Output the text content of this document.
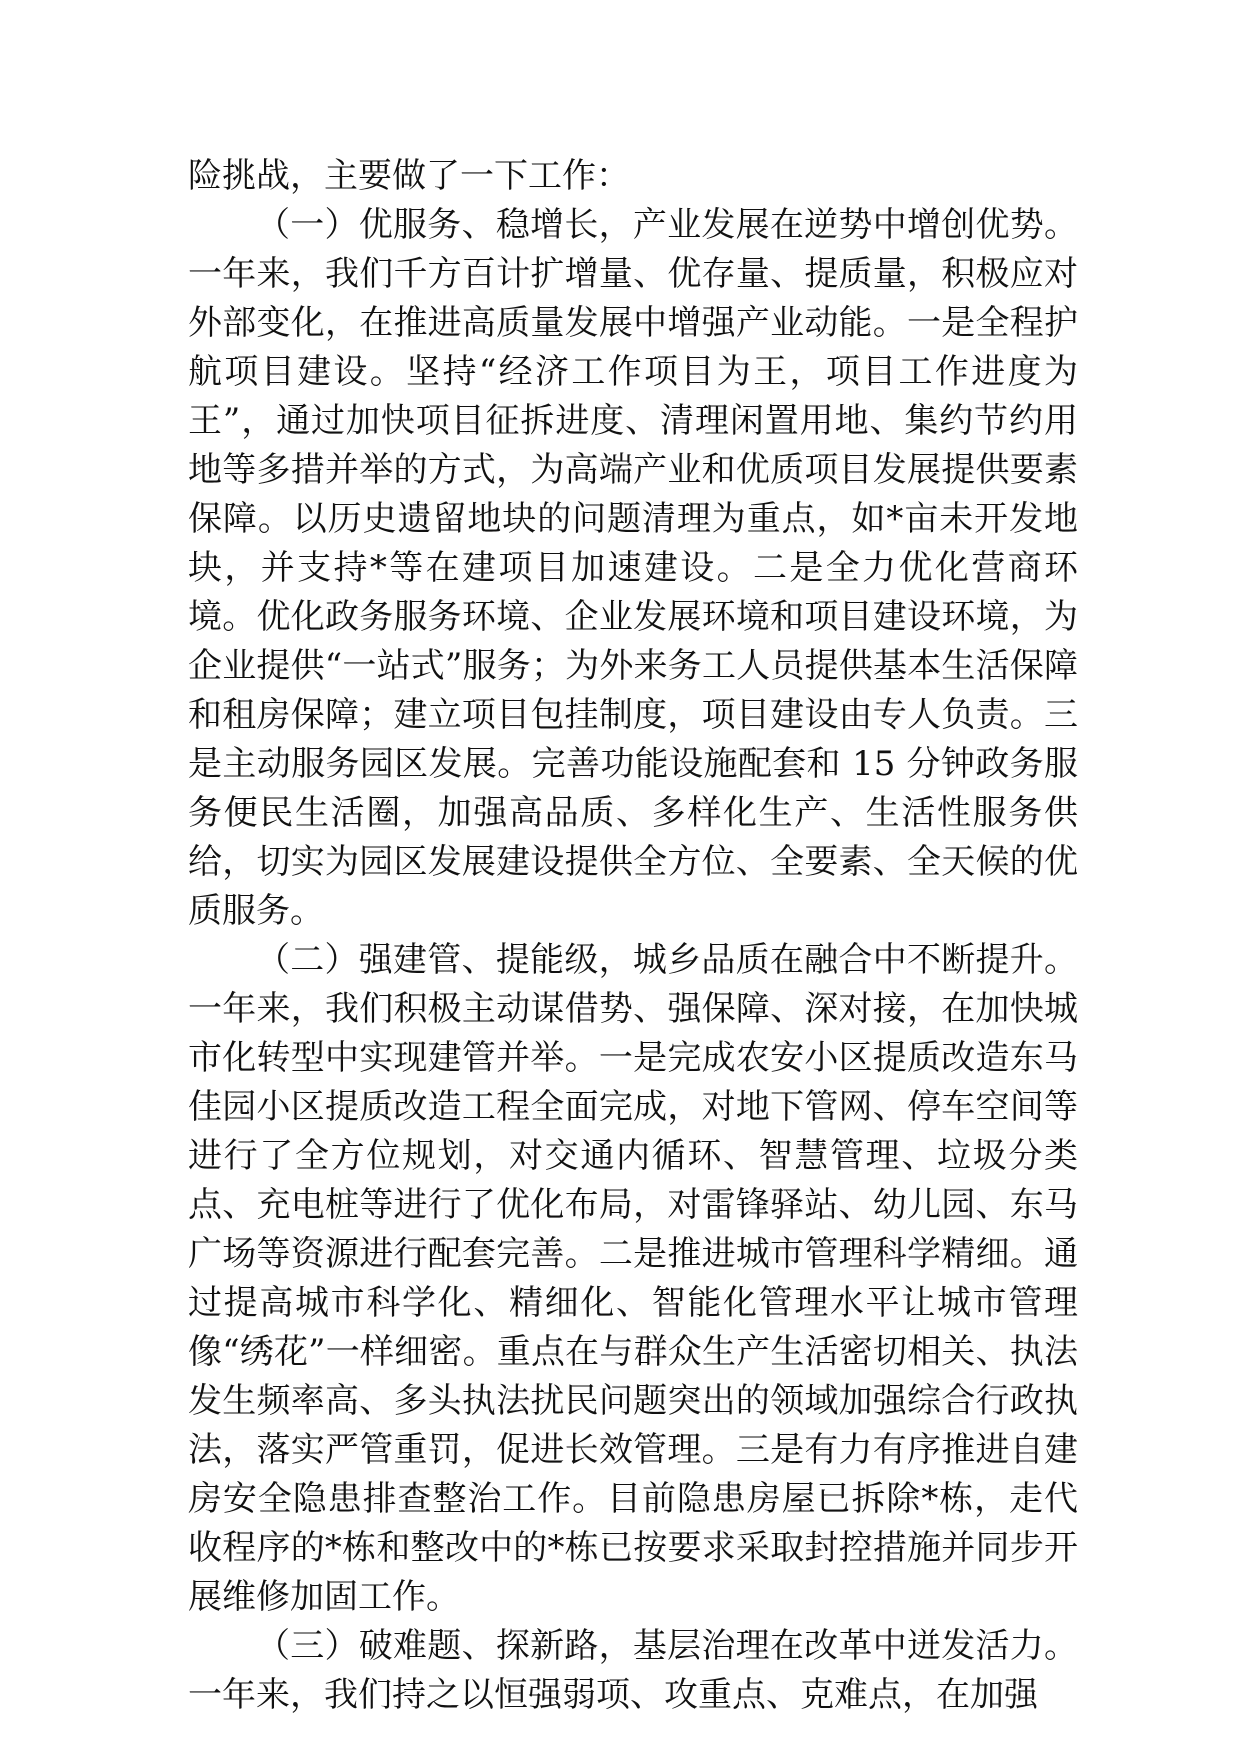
险挑战，主要做了一下工作：

（一）优服务、稳增长，产业发展在逆势中增创优势。一年来，我们千方百计扩增量、优存量、提质量，积极应对外部变化，在推进高质量发展中增强产业动能。一是全程护航项目建设。坚持“经济工作项目为王，项目工作进度为王”，通过加快项目征拆进度、清理闲置用地、集约节约用地等多措并举的方式，为高端产业和优质项目发展提供要素保障。以历史遗留地块的问题清理为重点，如*亩未开发地块，并支持*等在建项目加速建设。二是全力优化营商环境。优化政务服务环境、企业发展环境和项目建设环境，为企业提供“一站式”服务；为外来务工人员提供基本生活保障和租房保障；建立项目包挂制度，项目建设由专人负责。三是主动服务园区发展。完善功能设施配套和 15 分钟政务服务便民生活圈，加强高品质、多样化生产、生活性服务供给，切实为园区发展建设提供全方位、全要素、全天候的优质服务。

（二）强建管、提能级，城乡品质在融合中不断提升。一年来，我们积极主动谋借势、强保障、深对接，在加快城市化转型中实现建管并举。一是完成农安小区提质改造东马佳园小区提质改造工程全面完成，对地下管网、停车空间等进行了全方位规划，对交通内循环、智慧管理、垃圾分类点、充电桩等进行了优化布局，对雷锋驿站、幼儿园、东马广场等资源进行配套完善。二是推进城市管理科学精细。通过提高城市科学化、精细化、智能化管理水平让城市管理像“绣花”一样细密。重点在与群众生产生活密切相关、执法发生频率高、多头执法扰民问题突出的领域加强综合行政执法，落实严管重罚，促进长效管理。三是有力有序推进自建房安全隐患排查整治工作。目前隐患房屋已拆除*栋，走代收程序的*栋和整改中的*栋已按要求采取封控措施并同步开展维修加固工作。

（三）破难题、探新路，基层治理在改革中迸发活力。一年来，我们持之以恒强弱项、攻重点、克难点，在加强
